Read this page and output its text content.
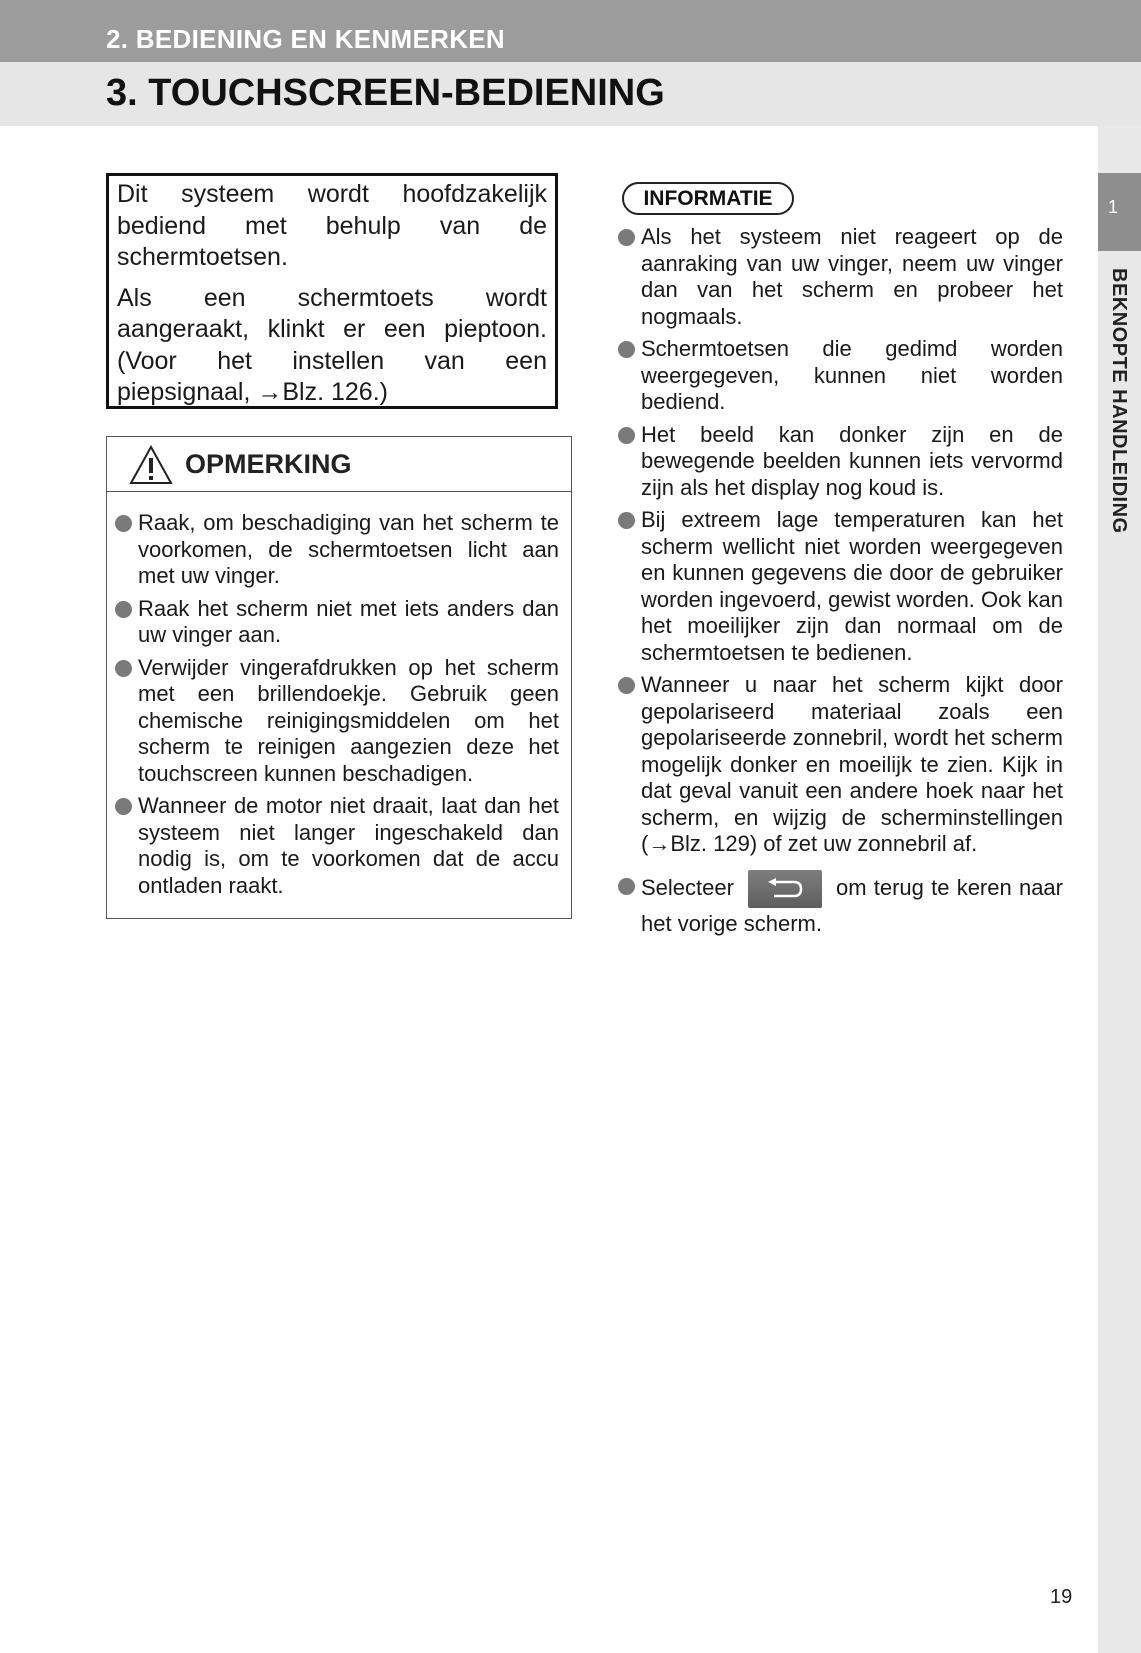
2. BEDIENING EN KENMERKEN
3. TOUCHSCREEN-BEDIENING
1
BEKNOPTE HANDLEIDING

Dit systeem wordt hoofdzakelijk bediend met behulp van de schermtoetsen.

Als een schermtoets wordt aangeraakt, klinkt er een pieptoon. (Voor het instellen van een piepsignaal, →Blz. 126.)

OPMERKING
Raak, om beschadiging van het scherm te voorkomen, de schermtoetsen licht aan met uw vinger.
Raak het scherm niet met iets anders dan uw vinger aan.
Verwijder vingerafdrukken op het scherm met een brillendoekje. Gebruik geen chemische reinigingsmiddelen om het scherm te reinigen aangezien deze het touchscreen kunnen beschadigen.
Wanneer de motor niet draait, laat dan het systeem niet langer ingeschakeld dan nodig is, om te voorkomen dat de accu ontladen raakt.
INFORMATIE
Als het systeem niet reageert op de aanraking van uw vinger, neem uw vinger dan van het scherm en probeer het nogmaals.
Schermtoetsen die gedimd worden weergegeven, kunnen niet worden bediend.
Het beeld kan donker zijn en de bewegende beelden kunnen iets vervormd zijn als het display nog koud is.
Bij extreem lage temperaturen kan het scherm wellicht niet worden weergegeven en kunnen gegevens die door de gebruiker worden ingevoerd, gewist worden. Ook kan het moeilijker zijn dan normaal om de schermtoetsen te bedienen.
Wanneer u naar het scherm kijkt door gepolariseerd materiaal zoals een gepolariseerde zonnebril, wordt het scherm mogelijk donker en moeilijk te zien. Kijk in dat geval vanuit een andere hoek naar het scherm, en wijzig de scherminstellingen (→Blz. 129) of zet uw zonnebril af.
Selecteer	om terug te keren naar het vorige scherm.
19
